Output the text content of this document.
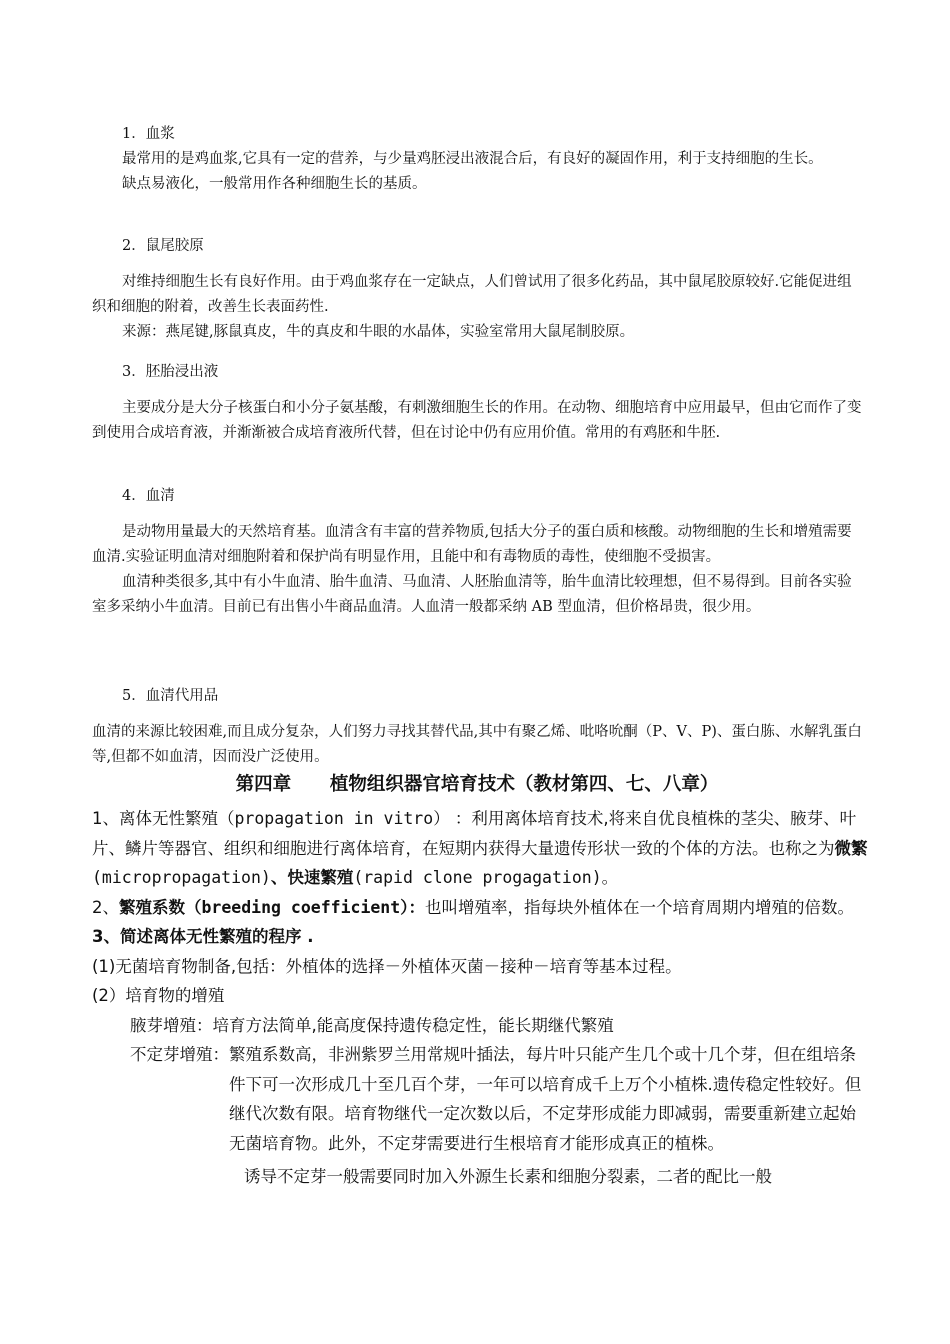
1．血浆

最常用的是鸡血浆,它具有一定的营养，与少量鸡胚浸出液混合后，有良好的凝固作用，利于支持细胞的生长。

缺点易液化，一般常用作各种细胞生长的基质。

2．鼠尾胶原

对维持细胞生长有良好作用。由于鸡血浆存在一定缺点，人们曾试用了很多化药品，其中鼠尾胶原较好.它能促进组织和细胞的附着，改善生长表面药性.

来源：燕尾键,豚鼠真皮，牛的真皮和牛眼的水晶体，实验室常用大鼠尾制胶原。

3．胚胎浸出液

主要成分是大分子核蛋白和小分子氨基酸，有刺激细胞生长的作用。在动物、细胞培育中应用最早，但由它而作了变到使用合成培育液，并渐渐被合成培育液所代替，但在讨论中仍有应用价值。常用的有鸡胚和牛胚.

4．血清

是动物用量最大的天然培育基。血清含有丰富的营养物质,包括大分子的蛋白质和核酸。动物细胞的生长和增殖需要血清.实验证明血清对细胞附着和保护尚有明显作用，且能中和有毒物质的毒性，使细胞不受损害。

血清种类很多,其中有小牛血清、胎牛血清、马血清、人胚胎血清等，胎牛血清比较理想，但不易得到。目前各实验室多采纳小牛血清。目前已有出售小牛商品血清。人血清一般都采纳 AB 型血清，但价格昂贵，很少用。

5．血清代用品

血清的来源比较困难,而且成分复杂，人们努力寻找其替代品,其中有聚乙烯、吡咯吮酮（P、V、P)、蛋白胨、水解乳蛋白等,但都不如血清，因而没广泛使用。

第四章      植物组织器官培育技术（教材第四、七、八章）

1、离体无性繁殖（propagation in vitro） ：利用离体培育技术,将来自优良植株的茎尖、腋芽、叶片、鳞片等器官、组织和细胞进行离体培育，在短期内获得大量遗传形状一致的个体的方法。也称之为微繁(micropropagation)、快速繁殖(rapid clone progagation)。

2、繁殖系数（breeding coefficient）：也叫增殖率，指每块外植体在一个培育周期内增殖的倍数。

3、简述离体无性繁殖的程序 .

(1)无菌培育物制备,包括：外植体的选择－外植体灭菌－接种－培育等基本过程。

(2）培育物的增殖

腋芽增殖： 培育方法简单,能高度保持遗传稳定性，能长期继代繁殖
不定芽增殖： 繁殖系数高，非洲紫罗兰用常规叶插法，每片叶只能产生几个或十几个芽，但在组培条件下可一次形成几十至几百个芽，一年可以培育成千上万个小植株.遗传稳定性较好。但继代次数有限。培育物继代一定次数以后，不定芽形成能力即减弱，需要重新建立起始无菌培育物。此外，不定芽需要进行生根培育才能形成真正的植株。

诱导不定芽一般需要同时加入外源生长素和细胞分裂素，二者的配比一般
